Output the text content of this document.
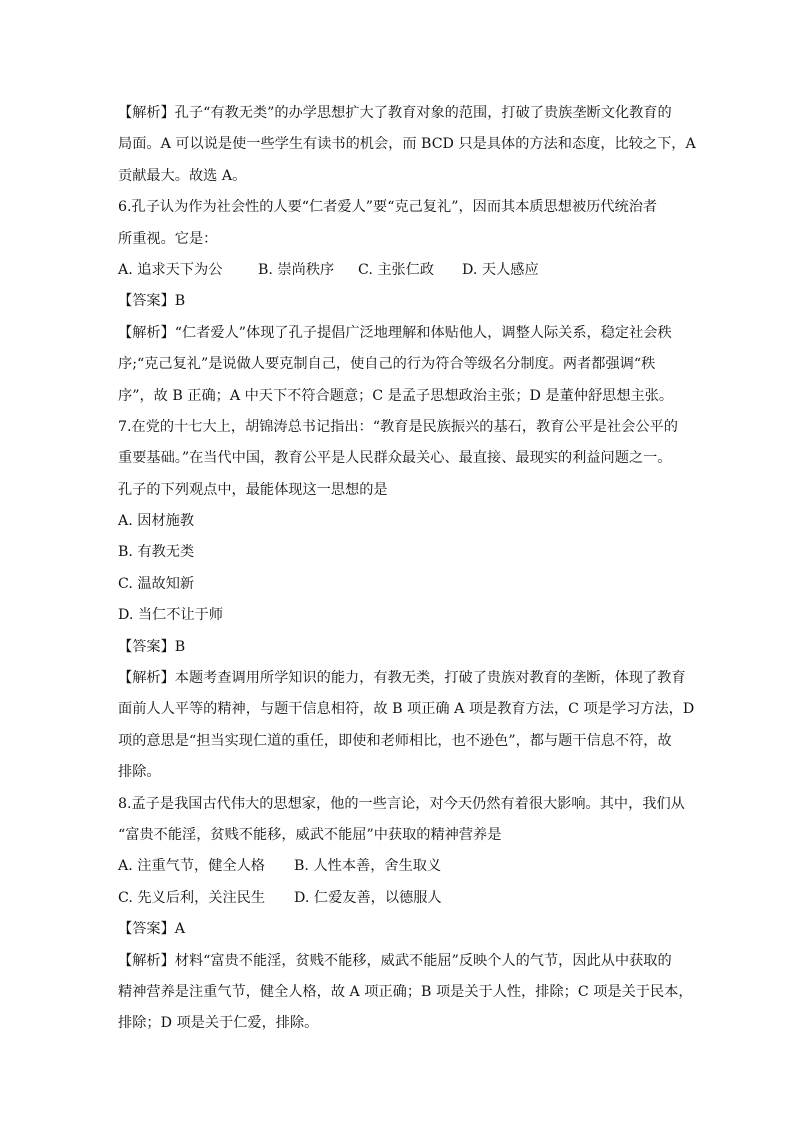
【解析】孔子“有教无类”的办学思想扩大了教育对象的范围，打破了贵族垄断文化教育的
局面。A 可以说是使一些学生有读书的机会，而 BCD 只是具体的方法和态度，比较之下，A
贡献最大。故选 A。
6.孔子认为作为社会性的人要“仁者爱人”要“克己复礼”，因而其本质思想被历代统治者
所重视。它是：
A. 追求天下为公	B. 崇尚秩序	C. 主张仁政	D. 天人感应
【答案】B
【解析】“仁者爱人”体现了孔子提倡广泛地理解和体贴他人，调整人际关系，稳定社会秩
序;“克己复礼”是说做人要克制自己，使自己的行为符合等级名分制度。两者都强调“秩
序”，故 B 正确；A 中天下不符合题意；C 是孟子思想政治主张；D 是董仲舒思想主张。
7.在党的十七大上，胡锦涛总书记指出：“教育是民族振兴的基石，教育公平是社会公平的
重要基础。”在当代中国，教育公平是人民群众最关心、最直接、最现实的利益问题之一。
孔子的下列观点中，最能体现这一思想的是
A. 因材施教
B. 有教无类
C. 温故知新
D. 当仁不让于师
【答案】B
【解析】本题考查调用所学知识的能力，有教无类，打破了贵族对教育的垄断，体现了教育
面前人人平等的精神，与题干信息相符，故 B 项正确 A 项是教育方法，C 项是学习方法，D
项的意思是“担当实现仁道的重任，即使和老师相比，也不逊色”，都与题干信息不符，故
排除。
8.孟子是我国古代伟大的思想家，他的一些言论，对今天仍然有着很大影响。其中，我们从
“富贵不能淫，贫贱不能移，威武不能屈”中获取的精神营养是
A. 注重气节，健全人格	B. 人性本善，舍生取义
C. 先义后利，关注民生	D. 仁爱友善，以德服人
【答案】A
【解析】材料“富贵不能淫，贫贱不能移，威武不能屈”反映个人的气节，因此从中获取的
精神营养是注重气节，健全人格，故 A 项正确；B 项是关于人性，排除；C 项是关于民本，
排除；D 项是关于仁爱，排除。
